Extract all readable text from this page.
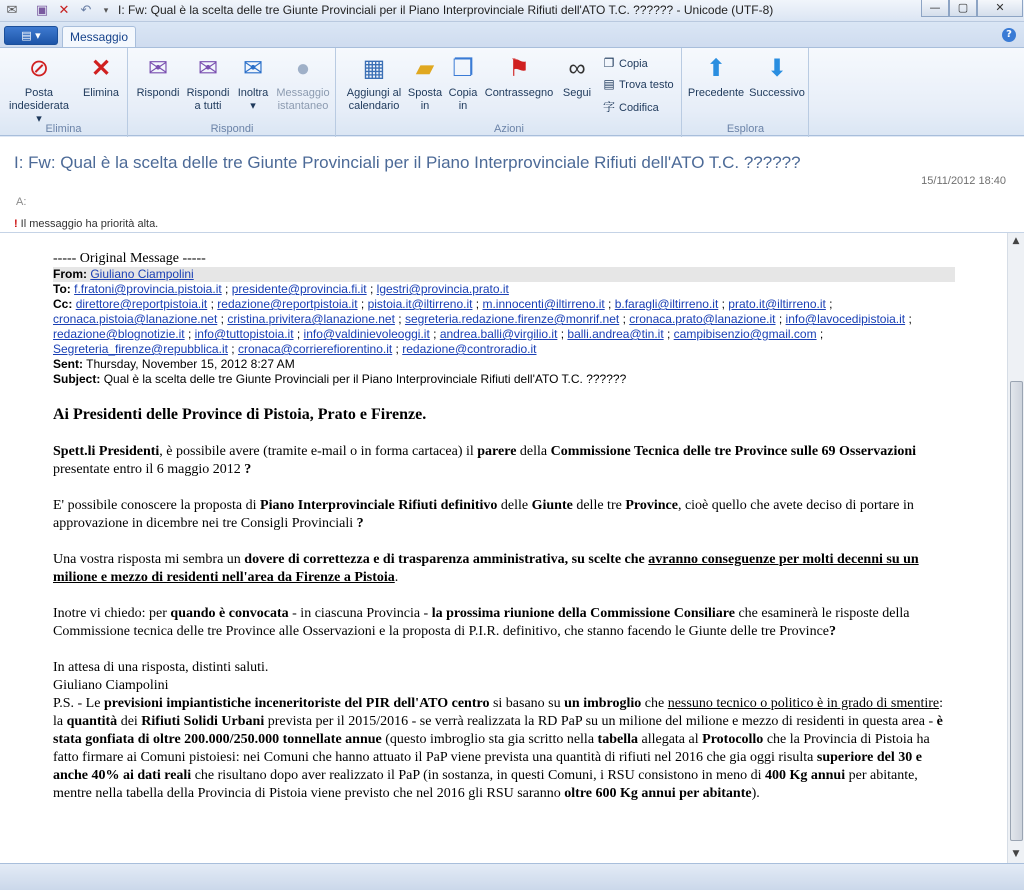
✉ ▣ ✕ ↶	▾ I: Fw: Qual è la scelta delle tre Giunte Provinciali per il Piano Interprovinciale Rifiuti dell'ATO T.C. ?????? - Unicode (UTF-8)	—	▢	✕
▤ ▾	Messaggio	?
⊘
Posta
indesiderata ▾
✕
Elimina
Elimina
✉
Rispondi
✉
Rispondi
a tutti
✉
Inoltra
▾
●
Messaggio
istantaneo
Rispondi
▦
Aggiungi al
calendario
▰
Sposta
in
❐
Copia
in
⚑
Contrassegno
∞
Segui
❐ Copia
▤ Trova testo
字 Codifica
Azioni
⬆
Precedente
⬇
Successivo
Esplora
I: Fw: Qual è la scelta delle tre Giunte Provinciali per il Piano Interprovinciale Rifiuti dell'ATO T.C. ??????
15/11/2012 18:40
A:
! Il messaggio ha priorità alta.
----- Original Message -----
From: Giuliano Ciampolini
To: f.fratoni@provincia.pistoia.it ; presidente@provincia.fi.it ; lgestri@provincia.prato.it
Cc: direttore@reportpistoia.it ; redazione@reportpistoia.it ; pistoia.it@iltirreno.it ; m.innocenti@iltirreno.it ; b.faragli@iltirreno.it ; prato.it@iltirreno.it ;
cronaca.pistoia@lanazione.net ; cristina.privitera@lanazione.net ; segreteria.redazione.firenze@monrif.net ; cronaca.prato@lanazione.it ; info@lavocedipistoia.it ;
redazione@blognotizie.it ; info@tuttopistoia.it ; info@valdinievoleoggi.it ; andrea.balli@virgilio.it ; balli.andrea@tin.it ; campibisenzio@gmail.com ;
Segreteria_firenze@repubblica.it ; cronaca@corrierefiorentino.it ; redazione@controradio.it
Sent: Thursday, November 15, 2012 8:27 AM
Subject: Qual è la scelta delle tre Giunte Provinciali per il Piano Interprovinciale Rifiuti dell'ATO T.C. ??????
Ai Presidenti delle Province di Pistoia, Prato e Firenze.

Spett.li Presidenti, è possibile avere (tramite e-mail o in forma cartacea) il parere della Commissione Tecnica delle tre Province sulle 69 Osservazioni presentate entro il 6 maggio 2012 ?

E' possibile conoscere la proposta di Piano Interprovinciale Rifiuti definitivo delle Giunte delle tre Province, cioè quello che avete deciso di portare in approvazione in dicembre nei tre Consigli Provinciali ?

Una vostra risposta mi sembra un dovere di correttezza e di trasparenza amministrativa, su scelte che avranno conseguenze per molti decenni su un milione e mezzo di residenti nell'area da Firenze a Pistoia.

Inotre vi chiedo: per quando è convocata - in ciascuna Provincia - la prossima riunione della Commissione Consiliare che esaminerà le risposte della Commissione tecnica delle tre Province alle Osservazioni e la proposta di P.I.R. definitivo, che stanno facendo le Giunte delle tre Province?

In attesa di una risposta, distinti saluti.
Giuliano Ciampolini
P.S. - Le previsioni impiantistiche inceneritoriste del PIR dell'ATO centro si basano su un imbroglio che nessuno tecnico o politico è in grado di smentire: la quantità dei Rifiuti Solidi Urbani prevista per il 2015/2016 - se verrà realizzata la RD PaP su un milione del milione e mezzo di residenti in questa area - è stata gonfiata di oltre 200.000/250.000 tonnellate annue (questo imbroglio sta gia scritto nella tabella allegata al Protocollo che la Provincia di Pistoia ha fatto firmare ai Comuni pistoiesi: nei Comuni che hanno attuato il PaP viene prevista una quantità di rifiuti nel 2016 che gia oggi risulta superiore del 30 e anche 40% ai dati reali che risultano dopo aver realizzato il PaP (in sostanza, in questi Comuni, i RSU consistono in meno di 400 Kg annui per abitante, mentre nella tabella della Provincia di Pistoia viene previsto che nel 2016 gli RSU saranno oltre 600 Kg annui per abitante).

▲
▼
